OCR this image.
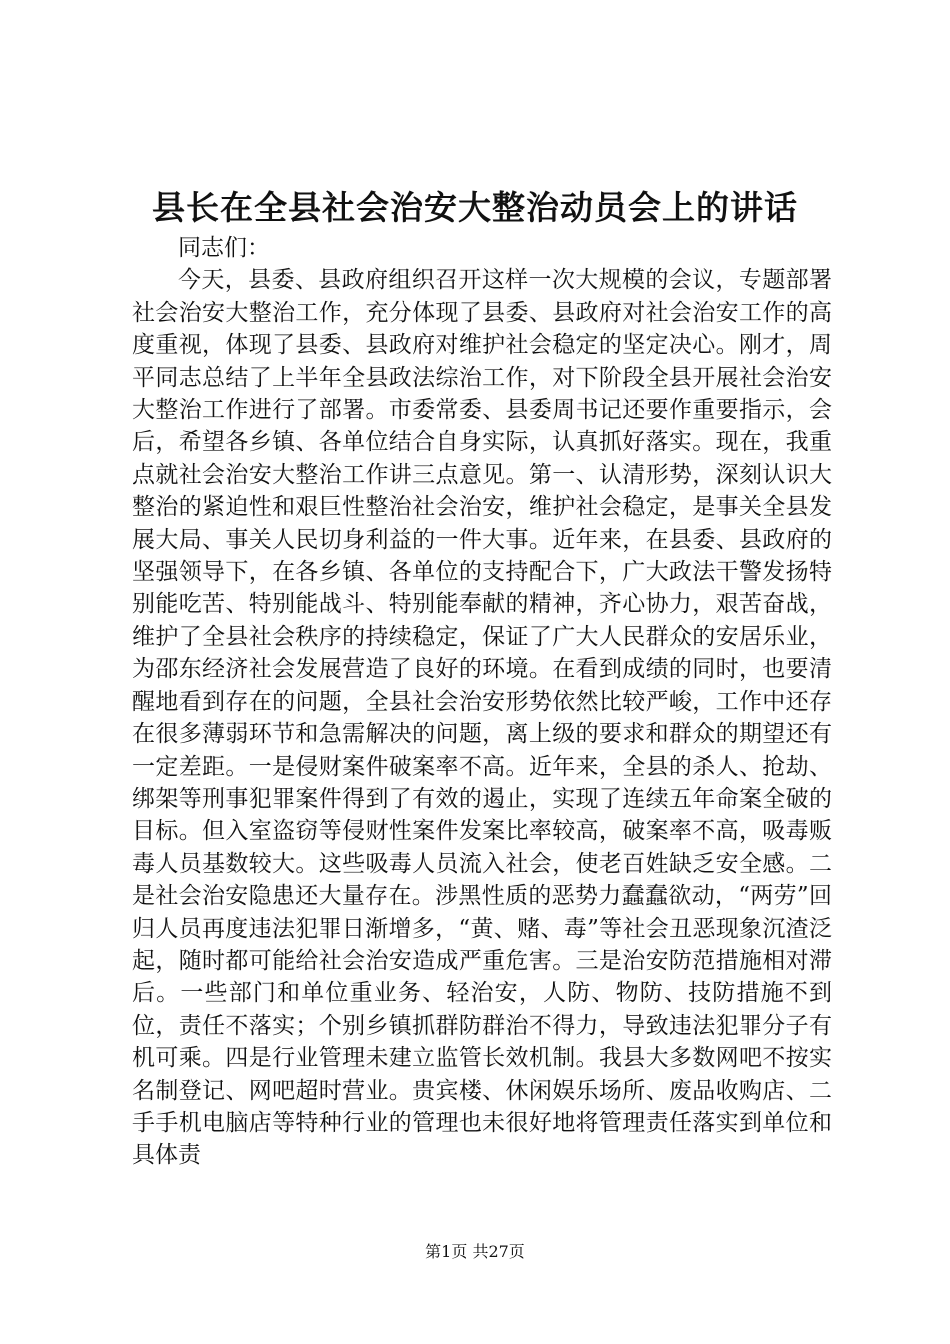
县长在全县社会治安大整治动员会上的讲话

同志们：

今天，县委、县政府组织召开这样一次大规模的会议，专题部署社会治安大整治工作，充分体现了县委、县政府对社会治安工作的高度重视，体现了县委、县政府对维护社会稳定的坚定决心。刚才，周平同志总结了上半年全县政法综治工作，对下阶段全县开展社会治安大整治工作进行了部署。市委常委、县委周书记还要作重要指示，会后，希望各乡镇、各单位结合自身实际，认真抓好落实。现在，我重点就社会治安大整治工作讲三点意见。第一、认清形势，深刻认识大整治的紧迫性和艰巨性整治社会治安，维护社会稳定，是事关全县发展大局、事关人民切身利益的一件大事。近年来，在县委、县政府的坚强领导下，在各乡镇、各单位的支持配合下，广大政法干警发扬特别能吃苦、特别能战斗、特别能奉献的精神，齐心协力，艰苦奋战，维护了全县社会秩序的持续稳定，保证了广大人民群众的安居乐业，为邵东经济社会发展营造了良好的环境。在看到成绩的同时，也要清醒地看到存在的问题，全县社会治安形势依然比较严峻，工作中还存在很多薄弱环节和急需解决的问题，离上级的要求和群众的期望还有一定差距。一是侵财案件破案率不高。近年来，全县的杀人、抢劫、绑架等刑事犯罪案件得到了有效的遏止，实现了连续五年命案全破的目标。但入室盗窃等侵财性案件发案比率较高，破案率不高，吸毒贩毒人员基数较大。这些吸毒人员流入社会，使老百姓缺乏安全感。二是社会治安隐患还大量存在。涉黑性质的恶势力蠢蠢欲动，“两劳”回归人员再度违法犯罪日渐增多，“黄、赌、毒”等社会丑恶现象沉渣泛起，随时都可能给社会治安造成严重危害。三是治安防范措施相对滞后。一些部门和单位重业务、轻治安，人防、物防、技防措施不到位，责任不落实；个别乡镇抓群防群治不得力，导致违法犯罪分子有机可乘。四是行业管理未建立监管长效机制。我县大多数网吧不按实名制登记、网吧超时营业。贵宾楼、休闲娱乐场所、废品收购店、二手手机电脑店等特种行业的管理也未很好地将管理责任落实到单位和具体责

第1页 共27页
